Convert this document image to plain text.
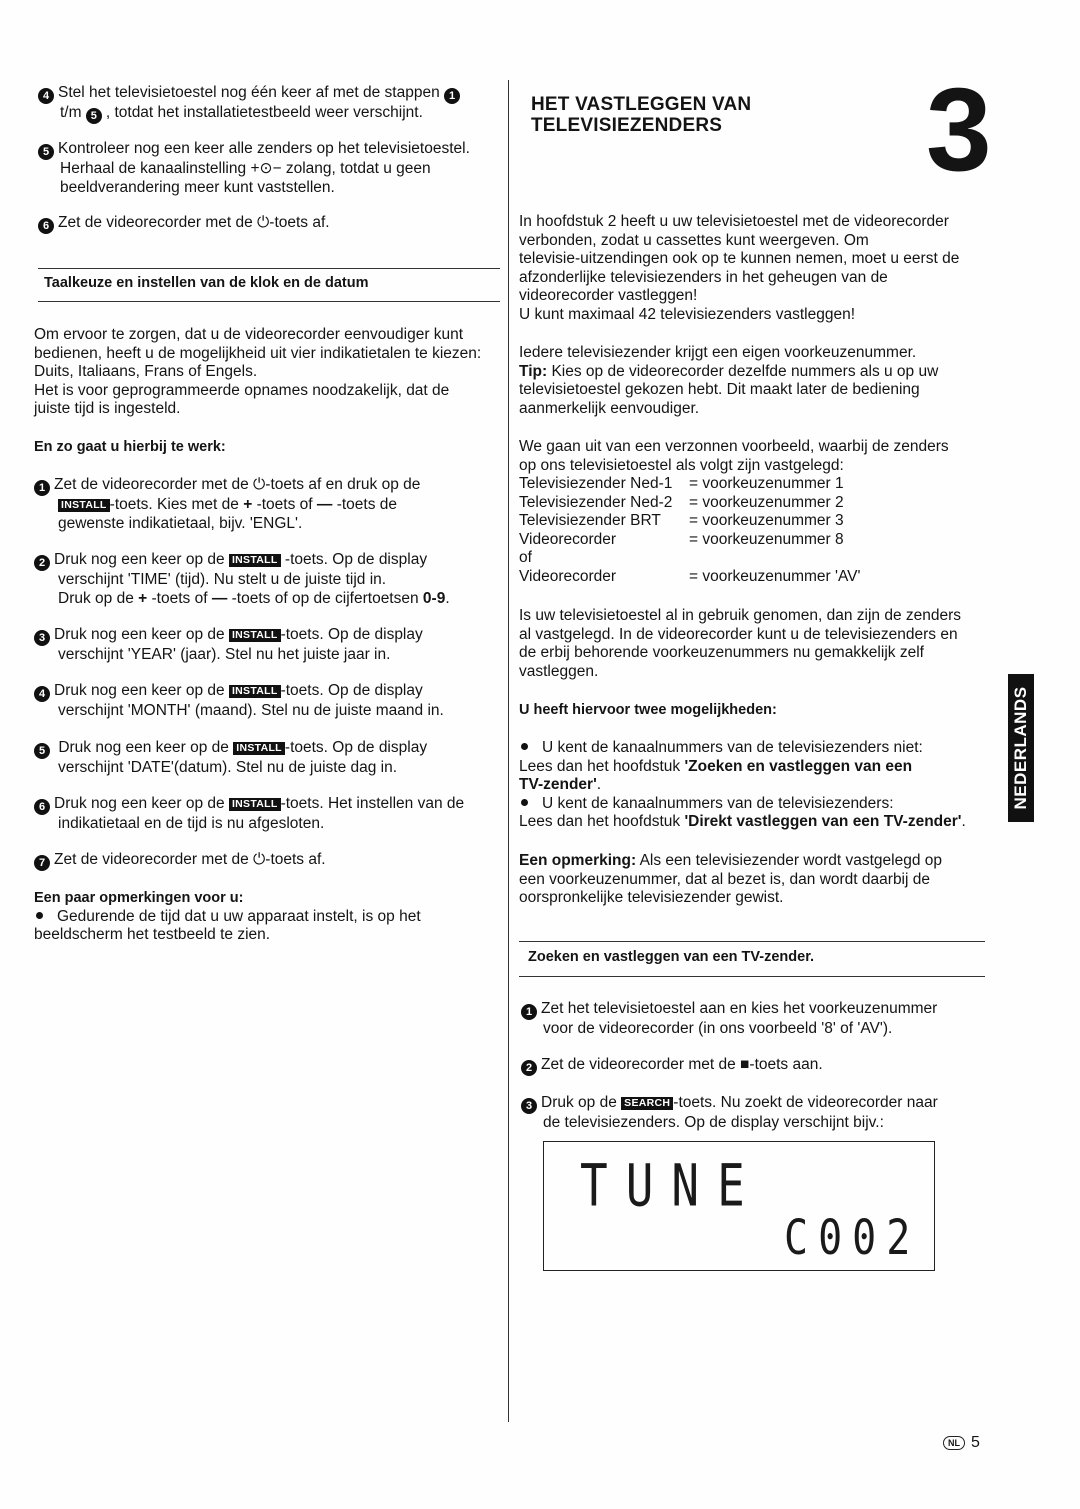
4 Stel het televisietoestel nog één keer af met de stappen 1
t/m 5 , totdat het installatietestbeeld weer verschijnt.
5 Kontroleer nog een keer alle zenders op het televisietoestel.
Herhaal de kanaalinstelling +⊙− zolang, totdat u geen
beeldverandering meer kunt vaststellen.
6 Zet de videorecorder met de ⏻-toets af.
Taalkeuze en instellen van de klok en de datum
Om ervoor te zorgen, dat u de videorecorder eenvoudiger kunt
bedienen, heeft u de mogelijkheid uit vier indikatietalen te kiezen:
Duits, Italiaans, Frans of Engels.
Het is voor geprogrammeerde opnames noodzakelijk, dat de
juiste tijd is ingesteld.
En zo gaat u hierbij te werk:
1 Zet de videorecorder met de ⏻-toets af en druk op de
INSTALL -toets. Kies met de + -toets of — -toets de
gewenste indikatietaal, bijv. 'ENGL'.
2 Druk nog een keer op de INSTALL -toets. Op de display
verschijnt 'TIME' (tijd). Nu stelt u de juiste tijd in.
Druk op de + -toets of — -toets of op de cijfertoetsen 0-9.
3 Druk nog een keer op de INSTALL -toets. Op de display
verschijnt 'YEAR' (jaar). Stel nu het juiste jaar in.
4 Druk nog een keer op de INSTALL -toets. Op de display
verschijnt 'MONTH' (maand). Stel nu de juiste maand in.
5 Druk nog een keer op de INSTALL -toets. Op de display
verschijnt 'DATE'(datum). Stel nu de juiste dag in.
6 Druk nog een keer op de INSTALL -toets. Het instellen van de
indikatietaal en de tijd is nu afgesloten.
7 Zet de videorecorder met de ⏻-toets af.
Een paar opmerkingen voor u:
Gedurende de tijd dat u uw apparaat instelt, is op het
beeldscherm het testbeeld te zien.
HET VASTLEGGEN VAN
TELEVISIEZENDERS 3
In hoofdstuk 2 heeft u uw televisietoestel met de videorecorder
verbonden, zodat u cassettes kunt weergeven. Om
televisie-uitzendingen ook op te kunnen nemen, moet u eerst de
afzonderlijke televisiezenders in het geheugen van de
videorecorder vastleggen!
U kunt maximaal 42 televisiezenders vastleggen!
Iedere televisiezender krijgt een eigen voorkeuzenummer.
Tip: Kies op de videorecorder dezelfde nummers als u op uw
televisietoestel gekozen hebt. Dit maakt later de bediening
aanmerkelijk eenvoudiger.
We gaan uit van een verzonnen voorbeeld, waarbij de zenders
op ons televisietoestel als volgt zijn vastgelegd:
Televisiezender Ned-1	= voorkeuzenummer 1
Televisiezender Ned-2	= voorkeuzenummer 2
Televisiezender BRT	= voorkeuzenummer 3
Videorecorder	= voorkeuzenummer 8
of
Videorecorder	= voorkeuzenummer 'AV'
Is uw televisietoestel al in gebruik genomen, dan zijn de zenders
al vastgelegd. In de videorecorder kunt u de televisiezenders en
de erbij behorende voorkeuzenummers nu gemakkelijk zelf
vastleggen.
U heeft hiervoor twee mogelijkheden:
U kent de kanaalnummers van de televisiezenders niet:
Lees dan het hoofdstuk 'Zoeken en vastleggen van een
TV-zender'.
U kent de kanaalnummers van de televisiezenders:
Lees dan het hoofdstuk 'Direkt vastleggen van een TV-zender'.
Een opmerking: Als een televisiezender wordt vastgelegd op
een voorkeuzenummer, dat al bezet is, dan wordt daarbij de
oorspronkelijke televisiezender gewist.
Zoeken en vastleggen van een TV-zender.
1 Zet het televisietoestel aan en kies het voorkeuzenummer
voor de videorecorder (in ons voorbeeld '8' of 'AV').
2 Zet de videorecorder met de ■-toets aan.
3 Druk op de SEARCH -toets. Nu zoekt de videorecorder naar
de televisiezenders. Op de display verschijnt bijv.:
TUNE
C002
NEDERLANDS
NL 5
